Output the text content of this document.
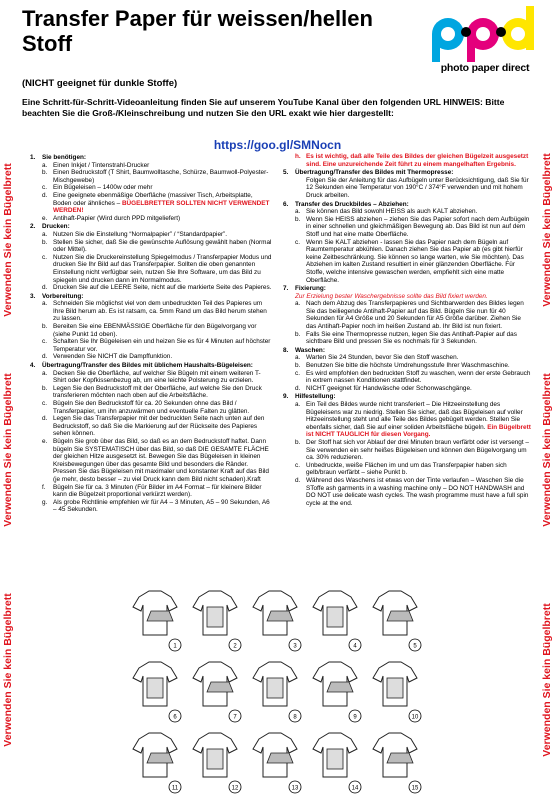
Transfer Paper für weissen/hellen Stoff
(NICHT geeignet für dunkle Stoffe)
Eine Schritt-für-Schritt-Videoanleitung finden Sie auf unserem YouTube Kanal über den folgenden URL HINWEIS: Bitte beachten Sie die Groß-/Kleinschreibung und nutzen Sie den URL exakt wie hier dargestellt:
https://goo.gl/SMNocn
photo paper direct
Verwenden Sie kein Bügelbrett
Verwenden Sie kein Bügelbrett
Verwenden Sie kein Bügelbrett
Verwenden Sie kein Bügelbrett
Verwenden Sie kein Bügelbrett
Verwenden Sie kein Bügelbrett
1.	Sie benötigen:
a. Einen Inkjet / Tintenstrahl-Drucker
b. Einen Bedruckstoff (T Shirt, Baumwolltasche, Schürze, Baumwoll-Polyester-Mischgewebe)
c. Ein Bügeleisen – 1400w oder mehr
d. Eine geeignete ebenmäßige Oberfläche (massiver Tisch, Arbeitsplatte, Boden oder ähnliches – BÜGELBRETTER SOLLTEN NICHT VERWENDET WERDEN!
e. Antihaft-Papier (Wird durch PPD mitgeliefert)
2.	Drucken:
a. Nutzen Sie die Einstellung “Normalpapier” / “Standardpapier”.
b. Stellen Sie sicher, daß Sie die gewünschte Auflösung gewählt haben (Normal oder Mittel).
c. Nutzen Sie die Druckereinstellung Spiegelmodus / Transferpapier Modus und drucken Sie Ihr Bild auf das Transferpapier. Sollten die oben genannten Einstellung nicht verfügbar sein, nutzen Sie Ihre Software, um das Bild zu spiegeln und drucken dann im Normalmodus.
d. Drucken Sie auf die LEERE Seite, nicht auf die markierte Seite des Papieres.
3.	Vorbereitung:
a. Schneiden Sie möglichst viel von dem unbedruckten Teil des Papieres um Ihre Bild herum ab. Es ist ratsam, ca. 5mm Rand um das Bild herum stehen zu lassen.
b. Bereiten Sie eine EBENMÄSSIGE Oberfläche für den Bügelvorgang vor (siehe Punkt 1d oben).
c. Schalten Sie Ihr Bügeleisen ein und heizen Sie es für 4 Minuten auf höchster Temperatur vor.
d. Verwenden Sie NICHT die Dampffunktion.
4.	Übertragung/Transfer des Bildes mit üblichem Haushalts-Bügeleisen:
a. Decken Sie die Oberfläche, auf welcher Sie Bügeln mit einem weiteren T-Shirt oder Kopfkissenbezug ab, um eine leichte Polsterung zu erzielen.
b. Legen Sie den Bedruckstoff mit der Oberfläche, auf welche Sie den Druck transferieren möchten nach oben auf die Arbeitsfläche.
c. Bügeln Sie den Bedruckstoff für ca. 20 Sekunden ohne das Bild / Transferpapier, um ihn anzuwärmen und eventuelle Falten zu glätten.
d. Legen Sie das Transferpapier mit der bedruckten Seite nach unten auf den Bedruckstoff, so daß Sie die Markierung auf der Rückseite des Papieres sehen können.
e. Bügeln Sie grob über das Bild, so daß es an dem Bedruckstoff haftet. Dann bügeln Sie SYSTEMATISCH über das Bild, so daß DIE GESAMTE FLÄCHE der gleichen Hitze ausgesetzt ist. Bewegen Sie das Bügeleisen in kleinen Kreisbewegungen über das gesamte Bild und besonders die Ränder. Pressen Sie das Bügeleisen mit maximaler und konstanter Kraft auf das Bild (je mehr, desto besser – zu viel Druck kann dem Bild nicht schaden).Kraft
f.	Bügeln Sie für ca. 3 Minuten (Für Bilder im A4 Format – für kleinere Bilder kann die Bügelzeit proportional verkürzt werden).
g. Als grobe Richtlinie empfehlen wir für A4 – 3 Minuten, A5 – 90 Sekunden, A6 – 45 Sekunden.
h. Es ist wichtig, daß alle Teile des Bildes der gleichen Bügelzeit ausgesetzt sind. Eine unzureichende Zeit führt zu einem mangelhaften Ergebnis.
5.	Übertragung/Transfer des Bildes mit Thermopresse:
Folgen Sie der Anleitung für das Aufbügeln unter Berücksichtigung, daß Sie für 12 Sekunden eine Temperatur von 190°C / 374°F verwenden und mit hohem Druck arbeiten.
6.	Transfer des Druckbildes – Abziehen:
a. Sie können das Bild sowohl HEISS als auch KALT abziehen.
b. Wenn Sie HEISS abziehen – ziehen Sie das Papier sofort nach dem Aufbügeln in einer schnellen und gleichmäßigen Bewegung ab. Das Bild ist nun auf dem Stoff und hat eine matte Oberfläche.
c. Wenn Sie KALT abziehen - lassen Sie das Papier nach dem Bügeln auf Raumtemperatur abkühlen. Danach ziehen Sie das Papier ab (es gibt hierfür keine Zeitbeschränkung. Sie können so lange warten, wie Sie möchten). Das Abziehen im kalten Zustand resultiert in einer glänzenden Oberfläche. Für Stoffe, welche intensive gewaschen werden, empfiehlt sich eine matte Oberfläche.
7.	Fixierung:
Zur Erzielung bester Waschergebnisse sollte das Bild fixiert werden.
a. Nach dem Abzug des Transferpapieres und Sichtbarwerden des Bildes legen Sie das beiliegende Antihaft-Papier auf das Bild. Bügeln Sie nun für 40 Sekunden für A4 Größe und 20 Sekunden für A5 Größe darüber. Ziehen Sie das Antihaft-Papier noch im heißen Zustand ab. Ihr Bild ist nun fixiert.
b. Falls Sie eine Thermopresse nutzen, legen Sie das Antihaft-Papier auf das sichtbare Bild und pressen Sie es nochmals für 3 Sekunden.
8.	Waschen:
a. Warten Sie 24 Stunden, bevor Sie den Stoff waschen.
b. Benutzen Sie bitte die höchste Umdrehungsstufe Ihrer Waschmaschine.
c. Es wird empfohlen den bedruckten Stoff zu waschen, wenn der erste Gebrauch in extrem nassen Konditionen stattfindet.
d. NICHT geeignet für Handwäsche oder Schonwaschgänge.
9.	Hilfestellung:
a. Ein Teil des Bildes wurde nicht transferiert – Die Hitzeeinstellung des Bügeleisens war zu niedrig. Stellen Sie sicher, daß das Bügeleisen auf voller Hitzeeinstellung steht und alle Teile des Bildes gebügelt werden. Stellen Sie ebenfalls sicher, daß Sie auf einer soliden Arbeitsfläche bügeln. Ein Bügelbrett ist NICHT TAUGLICH für diesen Vorgang.
b. Der Stoff hat sich vor Ablauf der drei Minuten braun verfärbt oder ist versengt – Sie verwenden ein sehr heißes Bügeleisen und können den Bügelvorgang um ca. 30% reduzieren.
c. Unbedruckte, weiße Flächen im und um das Transferpapier haben sich gelb/braun verfärbt – siehe Punkt b.
d. Während des Waschens ist etwas von der Tinte verlaufen – Waschen Sie die SToffe ash garments in a washing machine only – DO NOT HANDWASH and DO NOT use delicate wash cycles. The wash programme must have a full spin cycle at the end.
1	2	3	4	5
6	7	8	9	10
11	12	13	14	15
